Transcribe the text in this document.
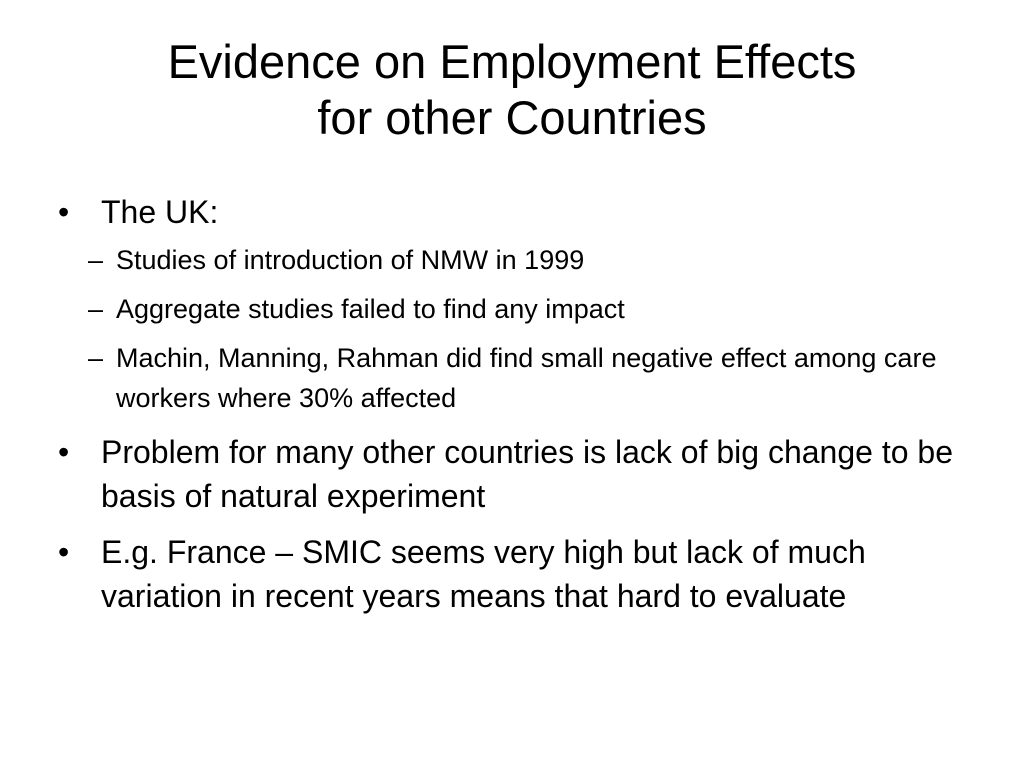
Evidence on Employment Effects
for other Countries
• The UK:
– Studies of introduction of NMW in 1999
– Aggregate studies failed to find any impact
– Machin, Manning, Rahman did find small negative effect among care workers where 30% affected
• Problem for many other countries is lack of big change to be basis of natural experiment
• E.g. France – SMIC seems very high but lack of much variation in recent years means that hard to evaluate
